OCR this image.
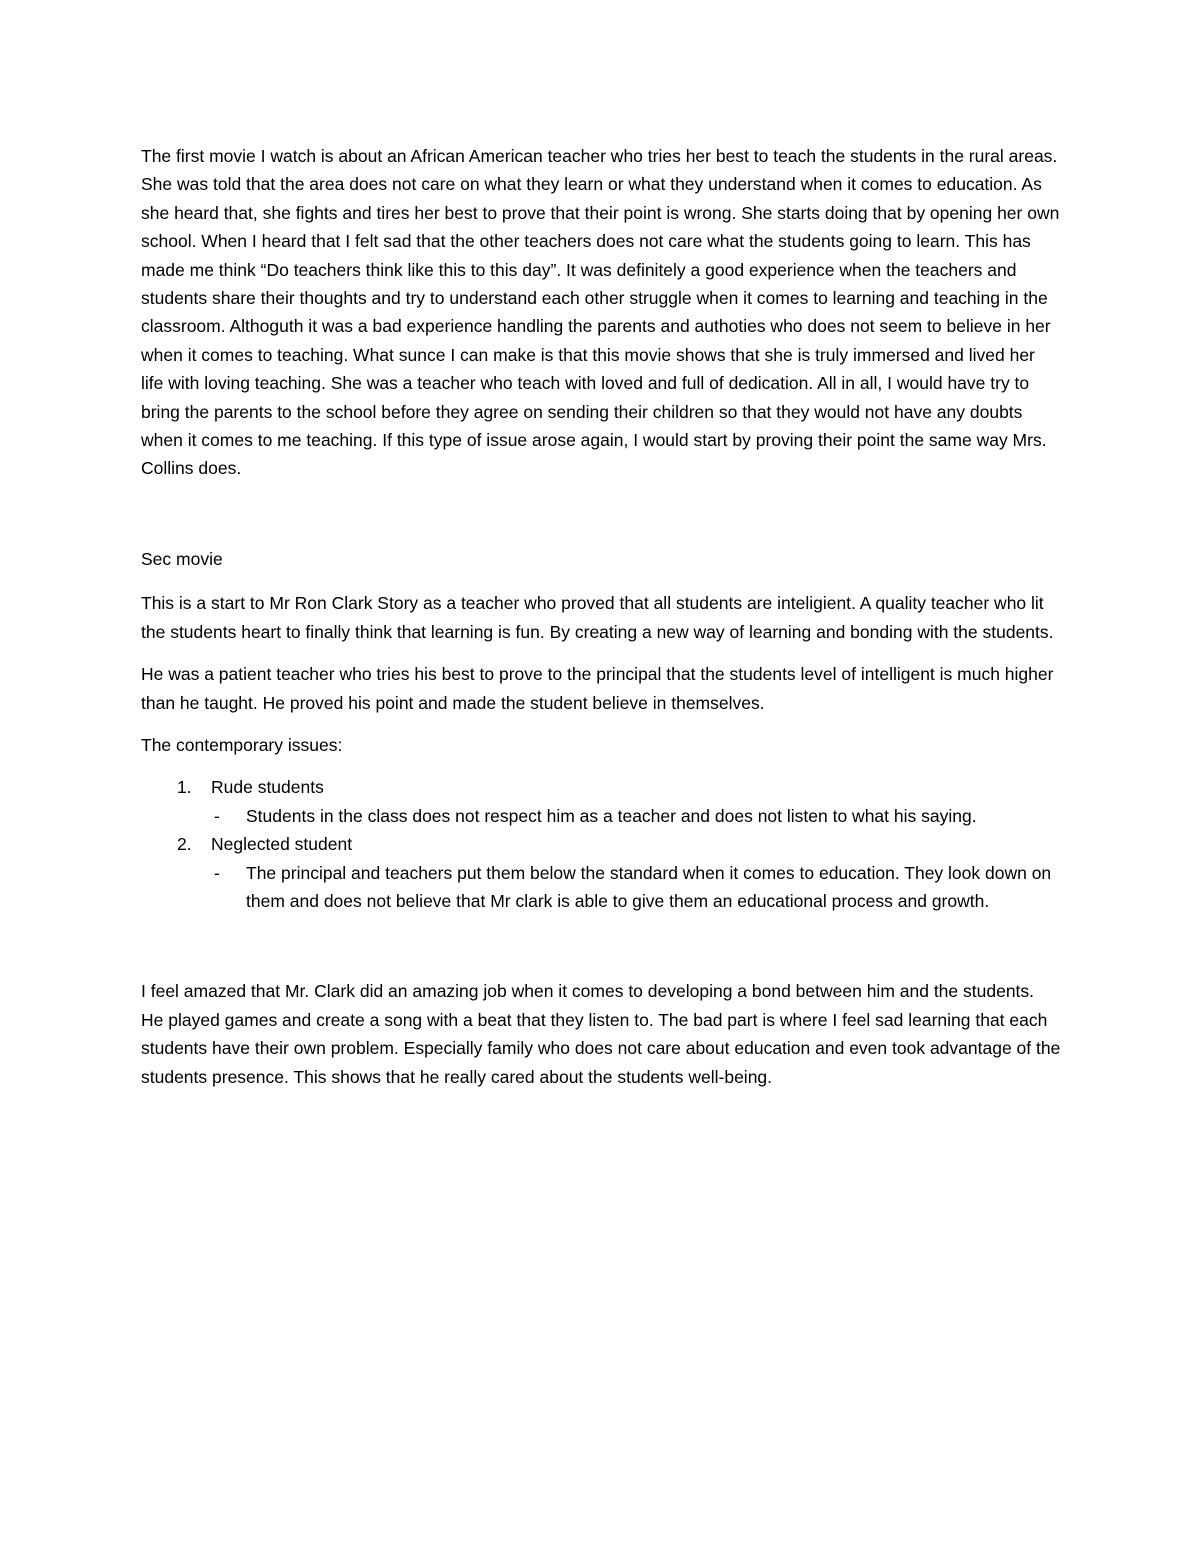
The first movie I watch is about an African American teacher who tries her best to teach the students in the rural areas. She was told that the area does not care on what they learn or what they understand when it comes to education. As she heard that, she fights and tires her best to prove that their point is wrong. She starts doing that by opening her own school. When I heard that I felt sad that the other teachers does not care what the students going to learn. This has made me think “Do teachers think like this to this day”. It was definitely a good experience when the teachers and students share their thoughts and try to understand each other struggle when it comes to learning and teaching in the classroom. Althoguth it was a bad experience handling the parents and authoties who does not seem to believe in her when it comes to teaching. What sunce I can make is that this movie shows that she is truly immersed and lived her life with loving teaching. She was a teacher who teach with loved and full of dedication. All in all, I would have try to bring the parents to the school before they agree on sending their children so that they would not have any doubts when it comes to me teaching. If this type of issue arose again, I would start by proving their point the same way Mrs. Collins does.

Sec movie

This is a start to Mr Ron Clark Story as a teacher who proved that all students are inteligient. A quality teacher who lit the students heart to finally think that learning is fun. By creating a new way of learning and bonding with the students.

He was a patient teacher who tries his best to prove to the principal that the students level of intelligent is much higher than he taught. He proved his point and made the student believe in themselves.

The contemporary issues:

1. Rude students
- Students in the class does not respect him as a teacher and does not listen to what his saying.
2. Neglected student
- The principal and teachers put them below the standard when it comes to education. They look down on them and does not believe that Mr clark is able to give them an educational process and growth.

I feel amazed that Mr. Clark did an amazing job when it comes to developing a bond between him and the students. He played games and create a song with a beat that they listen to. The bad part is where I feel sad learning that each students have their own problem. Especially family who does not care about education and even took advantage of the students presence. This shows that he really cared about the students well-being.
